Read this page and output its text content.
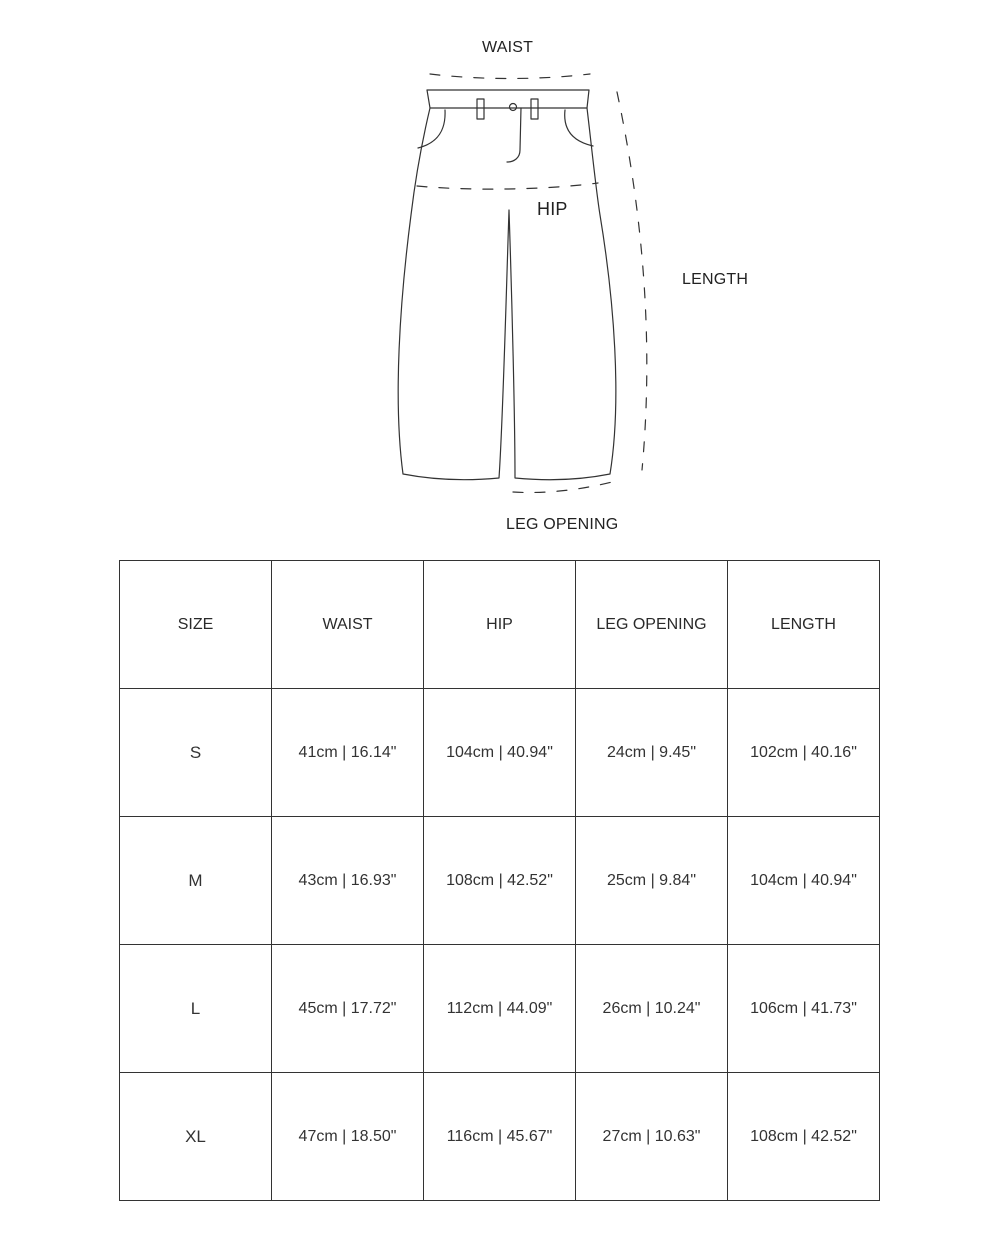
WAIST
HIP
LENGTH
LEG OPENING
SIZE	WAIST	HIP	LEG OPENING	LENGTH
S	41cm | 16.14"	104cm | 40.94"	24cm | 9.45"	102cm | 40.16"
M	43cm | 16.93"	108cm | 42.52"	25cm | 9.84"	104cm | 40.94"
L	45cm | 17.72"	112cm | 44.09"	26cm | 10.24"	106cm | 41.73"
XL	47cm | 18.50"	116cm | 45.67"	27cm | 10.63"	108cm | 42.52"
